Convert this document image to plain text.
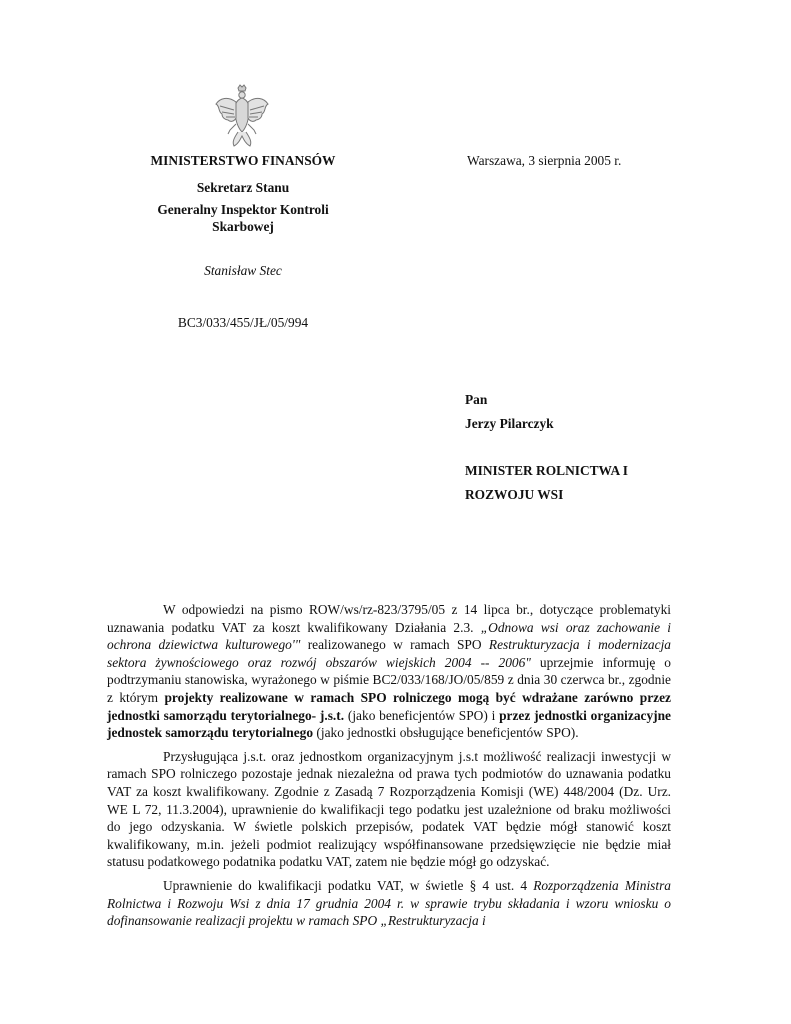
MINISTERSTWO FINANSÓW
Sekretarz Stanu
Generalny Inspektor Kontroli
Skarbowej
Stanisław Stec
BC3/033/455/JŁ/05/994
Warszawa, 3 sierpnia 2005 r.
Pan
Jerzy Pilarczyk
MINISTER ROLNICTWA I
ROZWOJU WSI

W odpowiedzi na pismo ROW/ws/rz-823/3795/05 z 14 lipca br., dotyczące problematyki uznawania podatku VAT za koszt kwalifikowany Działania 2.3. „Odnowa wsi oraz zachowanie i ochrona dziewictwa kulturowego'" realizowanego w ramach SPO Restrukturyzacja i modernizacja sektora żywnościowego oraz rozwój obszarów wiejskich 2004 -- 2006" uprzejmie informuję o podtrzymaniu stanowiska, wyrażonego w piśmie BC2/033/168/JO/05/859 z dnia 30 czerwca br., zgodnie z którym projekty realizowane w ramach SPO rolniczego mogą być wdrażane zarówno przez jednostki samorządu terytorialnego- j.s.t. (jako beneficjentów SPO) i przez jednostki organizacyjne jednostek samorządu terytorialnego (jako jednostki obsługujące beneficjentów SPO).

Przysługująca j.s.t. oraz jednostkom organizacyjnym j.s.t możliwość realizacji inwestycji w ramach SPO rolniczego pozostaje jednak niezależna od prawa tych podmiotów do uznawania podatku VAT za koszt kwalifikowany. Zgodnie z Zasadą 7 Rozporządzenia Komisji (WE) 448/2004 (Dz. Urz. WE L 72, 11.3.2004), uprawnienie do kwalifikacji tego podatku jest uzależnione od braku możliwości do jego odzyskania. W świetle polskich przepisów, podatek VAT będzie mógł stanowić koszt kwalifikowany, m.in. jeżeli podmiot realizujący współfinansowane przedsięwzięcie nie będzie miał statusu podatkowego podatnika podatku VAT, zatem nie będzie mógł go odzyskać.

Uprawnienie do kwalifikacji podatku VAT, w świetle § 4 ust. 4 Rozporządzenia Ministra Rolnictwa i Rozwoju Wsi z dnia 17 grudnia 2004 r. w sprawie trybu składania i wzoru wniosku o dofinansowanie realizacji projektu w ramach SPO „Restrukturyzacja i
